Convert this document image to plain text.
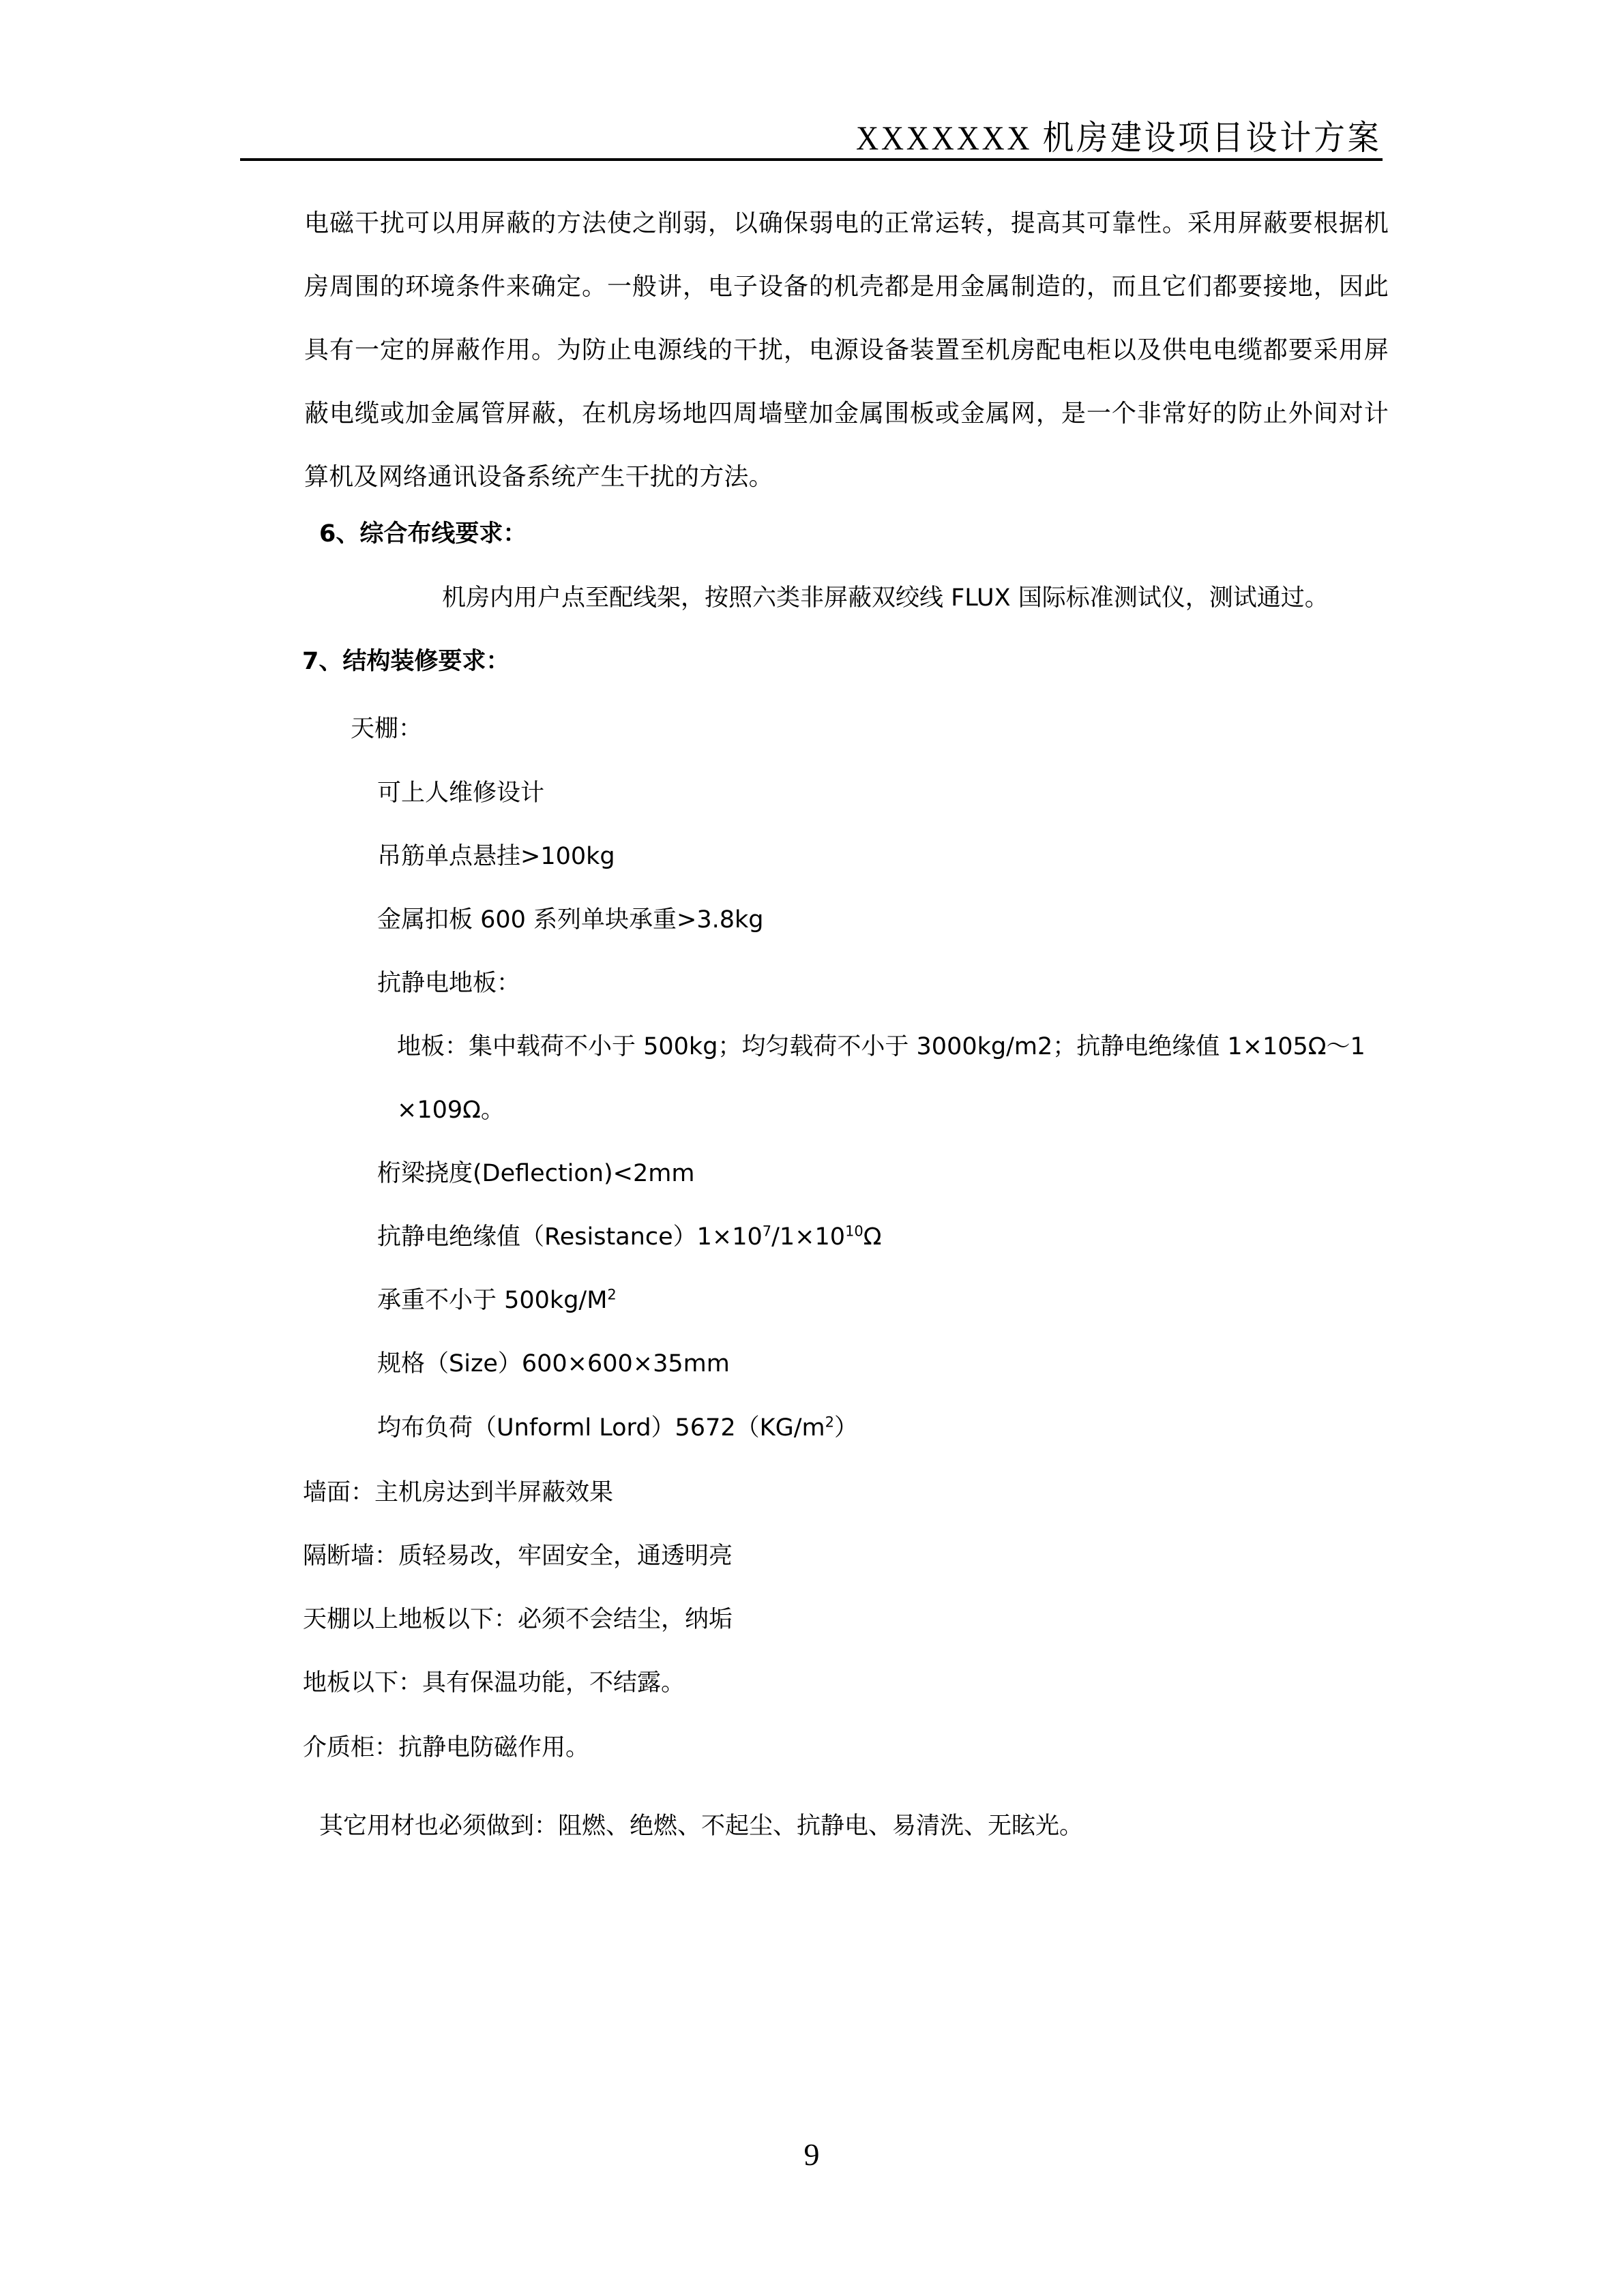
XXXXXXX 机房建设项目设计方案
电磁干扰可以用屏蔽的方法使之削弱，以确保弱电的正常运转，提高其可靠性。采用屏蔽要根据机
房周围的环境条件来确定。一般讲，电子设备的机壳都是用金属制造的，而且它们都要接地，因此
具有一定的屏蔽作用。为防止电源线的干扰，电源设备装置至机房配电柜以及供电电缆都要采用屏
蔽电缆或加金属管屏蔽，在机房场地四周墙壁加金属围板或金属网，是一个非常好的防止外间对计
算机及网络通讯设备系统产生干扰的方法。
6、综合布线要求：
机房内用户点至配线架，按照六类非屏蔽双绞线 FLUX 国际标准测试仪，测试通过。
7、结构装修要求：
天棚：
可上人维修设计
吊筋单点悬挂>100kg
金属扣板 600 系列单块承重>3.8kg
抗静电地板：
地板：集中载荷不小于 500kg；均匀载荷不小于 3000kg/m2；抗静电绝缘值 1×105Ω～1
×109Ω。
桁梁挠度(Deflection)<2mm
抗静电绝缘值$(Resistance)1\times 10^7/1\times 10^{10}\Omega$
承重不小于 $500kg/M^2$
规格（Size）600×600×35mm
均布负荷（Unforml $Lord)5672(KG/m^2)$
墙面：主机房达到半屏蔽效果
隔断墙：质轻易改，牢固安全，通透明亮
天棚以上地板以下：必须不会结尘，纳垢
地板以下：具有保温功能，不结露。
介质柜：抗静电防磁作用。
其它用材也必须做到：阻燃、绝燃、不起尘、抗静电、易清洗、无眩光。
9
